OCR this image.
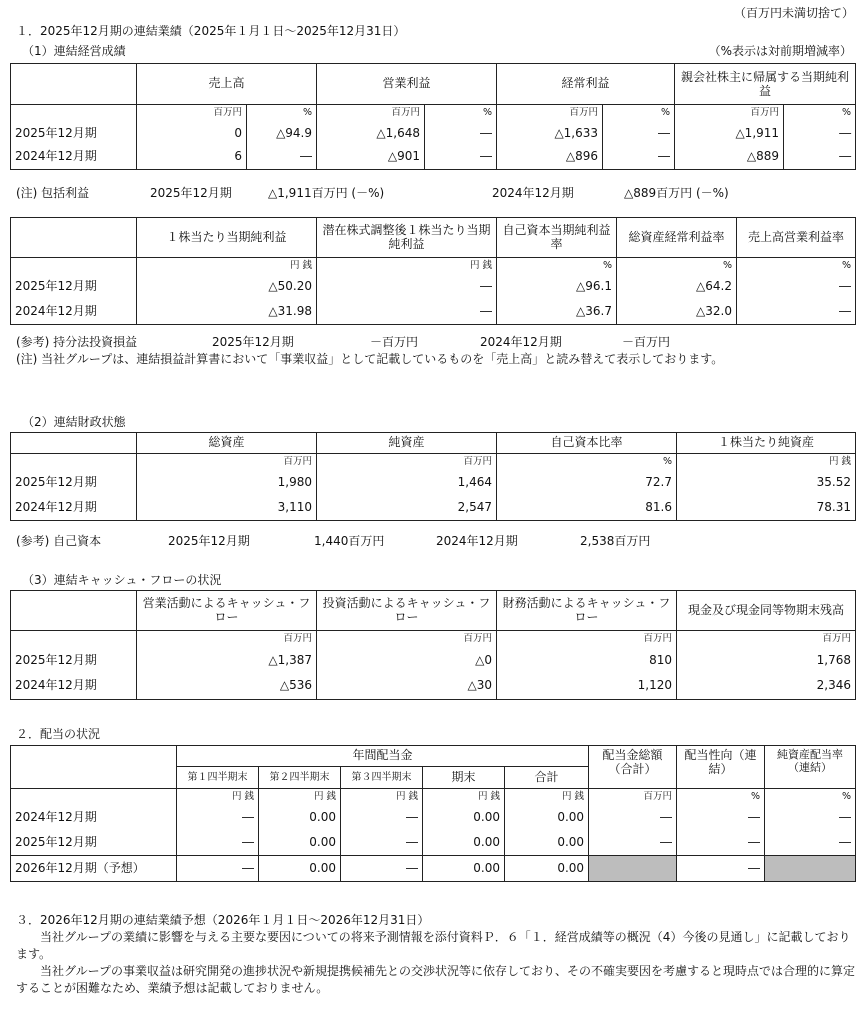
（百万円未満切捨て）
１．2025年12月期の連結業績（2025年１月１日～2025年12月31日）
（1）連結経営成績	（%表示は対前期増減率）
	売上高		営業利益		経常利益		親会社株主に帰属する当期純利益	
	百万円	%	百万円	%	百万円	%	百万円	%
2025年12月期	0	△94.9	△1,648	―	△1,633	―	△1,911	―
2024年12月期	6	―	△901	―	△896	―	△889	―
(注) 包括利益	2025年12月期	△1,911百万円 (－%)	2024年12月期	△889百万円 (－%)
	１株当たり当期純利益	潜在株式調整後１株当たり当期純利益	自己資本当期純利益率	総資産経常利益率	売上高営業利益率
	円 銭	円 銭	%	%	%
2025年12月期	△50.20	―	△96.1	△64.2	―
2024年12月期	△31.98	―	△36.7	△32.0	―
(参考) 持分法投資損益	2025年12月期	－百万円	2024年12月期	－百万円

(注) 当社グループは、連結損益計算書において「事業収益」として記載しているものを「売上高」と読み替えて表示しております。

（2）連結財政状態
	総資産	純資産	自己資本比率	１株当たり純資産
	百万円	百万円	%	円 銭
2025年12月期	1,980	1,464	72.7	35.52
2024年12月期	3,110	2,547	81.6	78.31
(参考) 自己資本	2025年12月期	1,440百万円	2024年12月期	2,538百万円
（3）連結キャッシュ・フローの状況
	営業活動によるキャッシュ・フロー	投資活動によるキャッシュ・フロー	財務活動によるキャッシュ・フロー	現金及び現金同等物期末残高
	百万円	百万円	百万円	百万円
2025年12月期	△1,387	△0	810	1,768
2024年12月期	△536	△30	1,120	2,346
２．配当の状況
	年間配当金					配当金総額（合計）	配当性向（連結）	純資産配当率（連結）
	第１四半期末	第２四半期末	第３四半期末	期末	合計			
	円 銭	円 銭	円 銭	円 銭	円 銭	百万円	%	%
2024年12月期	―	0.00	―	0.00	0.00	―	―	―
2025年12月期	―	0.00	―	0.00	0.00	―	―	―
2026年12月期（予想）	―	0.00	―	0.00	0.00		―	
３．2026年12月期の連結業績予想（2026年１月１日～2026年12月31日）

当社グループの業績に影響を与える主要な要因についての将来予測情報を添付資料Ｐ．６「１．経営成績等の概況（4）今後の見通し」に記載しております。

当社グループの事業収益は研究開発の進捗状況や新規提携候補先との交渉状況等に依存しており、その不確実要因を考慮すると現時点では合理的に算定することが困難なため、業績予想は記載しておりません。
